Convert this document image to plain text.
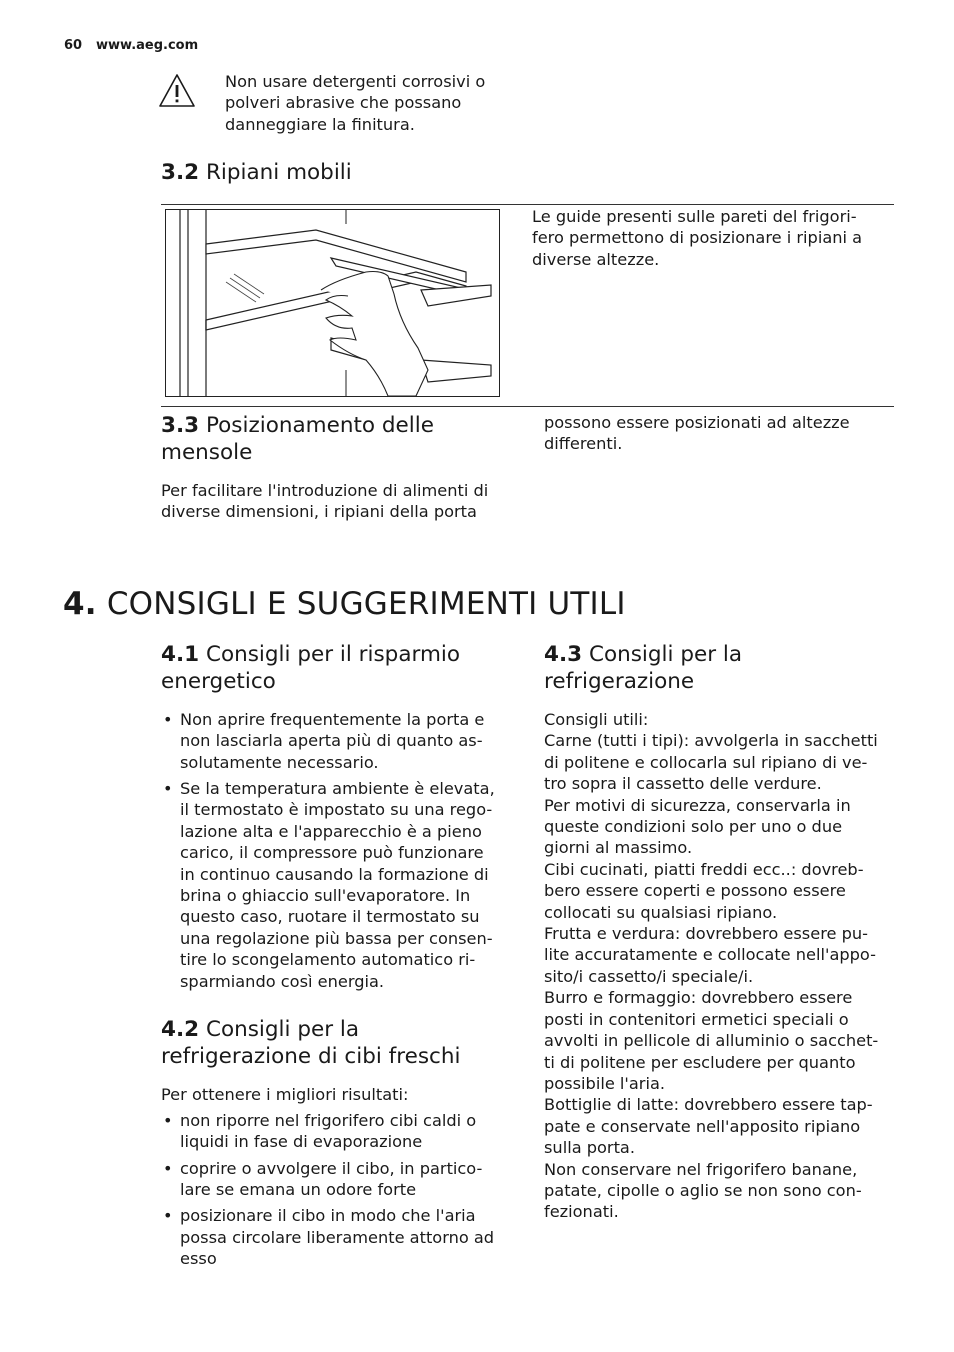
60 www.aeg.com
Non usare detergenti corrosivi o
polveri abrasive che possano
danneggiare la finitura.
3.2 Ripiani mobili
Le guide presenti sulle pareti del frigori-
fero permettono di posizionare i ripiani a
diverse altezze.
3.3 Posizionamento delle
mensole
Per facilitare l'introduzione di alimenti di
diverse dimensioni, i ripiani della porta
possono essere posizionati ad altezze
differenti.
4. CONSIGLI E SUGGERIMENTI UTILI
4.1 Consigli per il risparmio
energetico
• Non aprire frequentemente la porta e
non lasciarla aperta più di quanto as-
solutamente necessario.
• Se la temperatura ambiente è elevata,
il termostato è impostato su una rego-
lazione alta e l'apparecchio è a pieno
carico, il compressore può funzionare
in continuo causando la formazione di
brina o ghiaccio sull'evaporatore. In
questo caso, ruotare il termostato su
una regolazione più bassa per consen-
tire lo scongelamento automatico ri-
sparmiando così energia.
4.2 Consigli per la
refrigerazione di cibi freschi
Per ottenere i migliori risultati:
• non riporre nel frigorifero cibi caldi o
liquidi in fase di evaporazione
• coprire o avvolgere il cibo, in partico-
lare se emana un odore forte
• posizionare il cibo in modo che l'aria
possa circolare liberamente attorno ad
esso
4.3 Consigli per la
refrigerazione
Consigli utili:
Carne (tutti i tipi): avvolgerla in sacchetti
di politene e collocarla sul ripiano di ve-
tro sopra il cassetto delle verdure.
Per motivi di sicurezza, conservarla in
queste condizioni solo per uno o due
giorni al massimo.
Cibi cucinati, piatti freddi ecc..: dovreb-
bero essere coperti e possono essere
collocati su qualsiasi ripiano.
Frutta e verdura: dovrebbero essere pu-
lite accuratamente e collocate nell'appo-
sito/i cassetto/i speciale/i.
Burro e formaggio: dovrebbero essere
posti in contenitori ermetici speciali o
avvolti in pellicole di alluminio o sacchet-
ti di politene per escludere per quanto
possibile l'aria.
Bottiglie di latte: dovrebbero essere tap-
pate e conservate nell'apposito ripiano
sulla porta.
Non conservare nel frigorifero banane,
patate, cipolle o aglio se non sono con-
fezionati.
